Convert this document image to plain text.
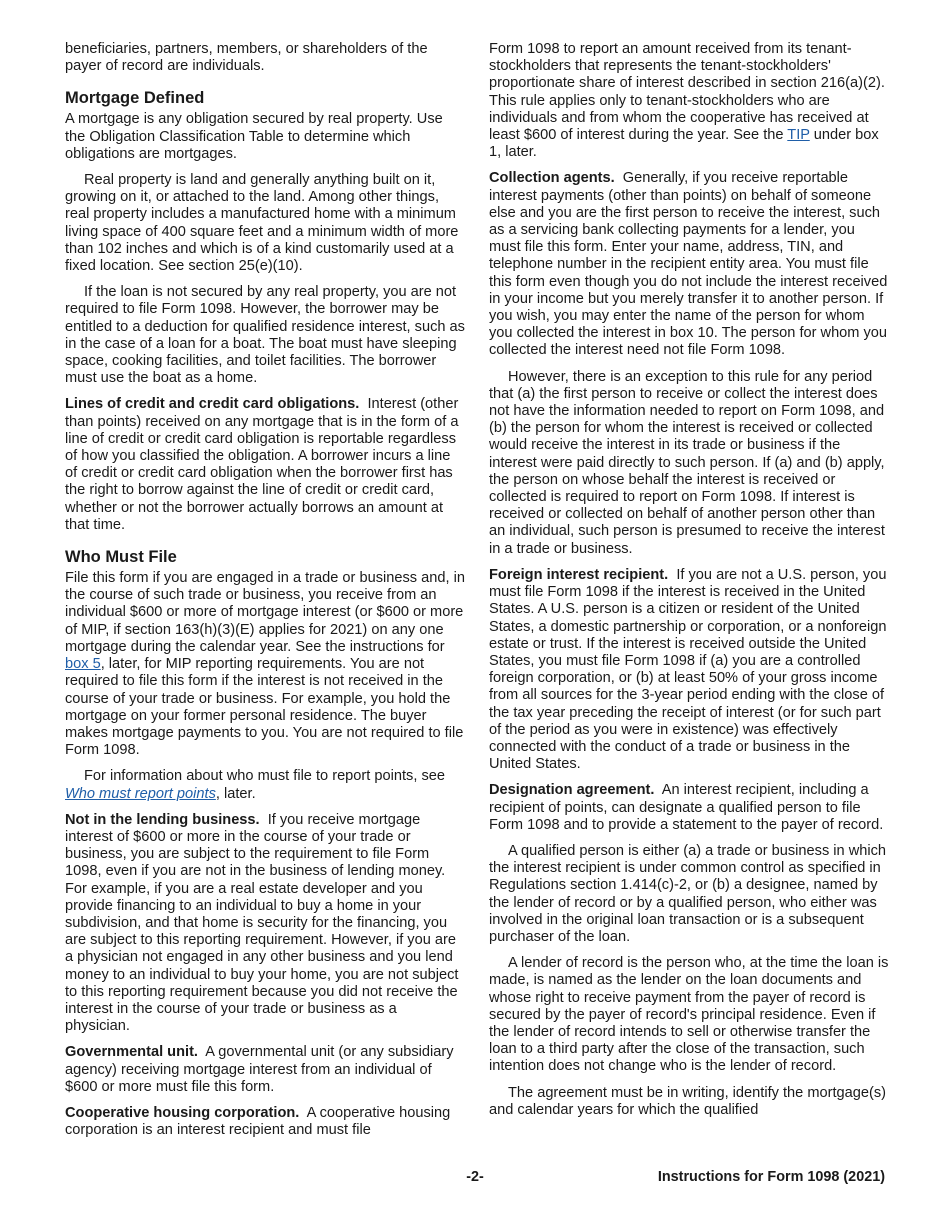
beneficiaries, partners, members, or shareholders of the payer of record are individuals.

Mortgage Defined

A mortgage is any obligation secured by real property. Use the Obligation Classification Table to determine which obligations are mortgages.

Real property is land and generally anything built on it, growing on it, or attached to the land. Among other things, real property includes a manufactured home with a minimum living space of 400 square feet and a minimum width of more than 102 inches and which is of a kind customarily used at a fixed location. See section 25(e)(10).

If the loan is not secured by any real property, you are not required to file Form 1098. However, the borrower may be entitled to a deduction for qualified residence interest, such as in the case of a loan for a boat. The boat must have sleeping space, cooking facilities, and toilet facilities. The borrower must use the boat as a home.

Lines of credit and credit card obligations. Interest (other than points) received on any mortgage that is in the form of a line of credit or credit card obligation is reportable regardless of how you classified the obligation. A borrower incurs a line of credit or credit card obligation when the borrower first has the right to borrow against the line of credit or credit card, whether or not the borrower actually borrows an amount at that time.

Who Must File

File this form if you are engaged in a trade or business and, in the course of such trade or business, you receive from an individual $600 or more of mortgage interest (or $600 or more of MIP, if section 163(h)(3)(E) applies for 2021) on any one mortgage during the calendar year. See the instructions for box 5, later, for MIP reporting requirements. You are not required to file this form if the interest is not received in the course of your trade or business. For example, you hold the mortgage on your former personal residence. The buyer makes mortgage payments to you. You are not required to file Form 1098.

For information about who must file to report points, see Who must report points, later.

Not in the lending business. If you receive mortgage interest of $600 or more in the course of your trade or business, you are subject to the requirement to file Form 1098, even if you are not in the business of lending money. For example, if you are a real estate developer and you provide financing to an individual to buy a home in your subdivision, and that home is security for the financing, you are subject to this reporting requirement. However, if you are a physician not engaged in any other business and you lend money to an individual to buy your home, you are not subject to this reporting requirement because you did not receive the interest in the course of your trade or business as a physician.

Governmental unit. A governmental unit (or any subsidiary agency) receiving mortgage interest from an individual of $600 or more must file this form.

Cooperative housing corporation. A cooperative housing corporation is an interest recipient and must file

Form 1098 to report an amount received from its tenant-stockholders that represents the tenant-stockholders' proportionate share of interest described in section 216(a)(2). This rule applies only to tenant-stockholders who are individuals and from whom the cooperative has received at least $600 of interest during the year. See the TIP under box 1, later.

Collection agents. Generally, if you receive reportable interest payments (other than points) on behalf of someone else and you are the first person to receive the interest, such as a servicing bank collecting payments for a lender, you must file this form. Enter your name, address, TIN, and telephone number in the recipient entity area. You must file this form even though you do not include the interest received in your income but you merely transfer it to another person. If you wish, you may enter the name of the person for whom you collected the interest in box 10. The person for whom you collected the interest need not file Form 1098.

However, there is an exception to this rule for any period that (a) the first person to receive or collect the interest does not have the information needed to report on Form 1098, and (b) the person for whom the interest is received or collected would receive the interest in its trade or business if the interest were paid directly to such person. If (a) and (b) apply, the person on whose behalf the interest is received or collected is required to report on Form 1098. If interest is received or collected on behalf of another person other than an individual, such person is presumed to receive the interest in a trade or business.

Foreign interest recipient. If you are not a U.S. person, you must file Form 1098 if the interest is received in the United States. A U.S. person is a citizen or resident of the United States, a domestic partnership or corporation, or a nonforeign estate or trust. If the interest is received outside the United States, you must file Form 1098 if (a) you are a controlled foreign corporation, or (b) at least 50% of your gross income from all sources for the 3-year period ending with the close of the tax year preceding the receipt of interest (or for such part of the period as you were in existence) was effectively connected with the conduct of a trade or business in the United States.

Designation agreement. An interest recipient, including a recipient of points, can designate a qualified person to file Form 1098 and to provide a statement to the payer of record.

A qualified person is either (a) a trade or business in which the interest recipient is under common control as specified in Regulations section 1.414(c)-2, or (b) a designee, named by the lender of record or by a qualified person, who either was involved in the original loan transaction or is a subsequent purchaser of the loan.

A lender of record is the person who, at the time the loan is made, is named as the lender on the loan documents and whose right to receive payment from the payer of record is secured by the payer of record's principal residence. Even if the lender of record intends to sell or otherwise transfer the loan to a third party after the close of the transaction, such intention does not change who is the lender of record.

The agreement must be in writing, identify the mortgage(s) and calendar years for which the qualified

-2-	Instructions for Form 1098 (2021)
